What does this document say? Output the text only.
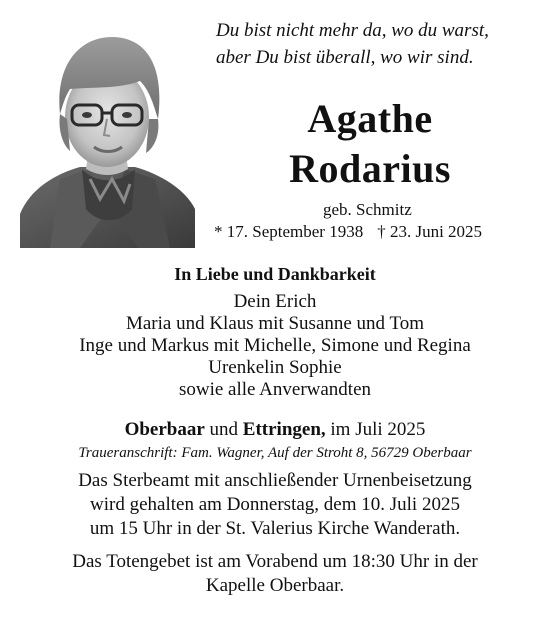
Du bist nicht mehr da, wo du warst,
aber Du bist überall, wo wir sind.
Agathe
Rodarius
geb. Schmitz
* 17. September 1938 † 23. Juni 2025
In Liebe und Dankbarkeit
Dein Erich
Maria und Klaus mit Susanne und Tom
Inge und Markus mit Michelle, Simone und Regina
Urenkelin Sophie
sowie alle Anverwandten
Oberbaar und Ettringen, im Juli 2025
Traueranschrift: Fam. Wagner, Auf der Stroht 8, 56729 Oberbaar
Das Sterbeamt mit anschließender Urnenbeisetzung
wird gehalten am Donnerstag, dem 10. Juli 2025
um 15 Uhr in der St. Valerius Kirche Wanderath.
Das Totengebet ist am Vorabend um 18:30 Uhr in der
Kapelle Oberbaar.
